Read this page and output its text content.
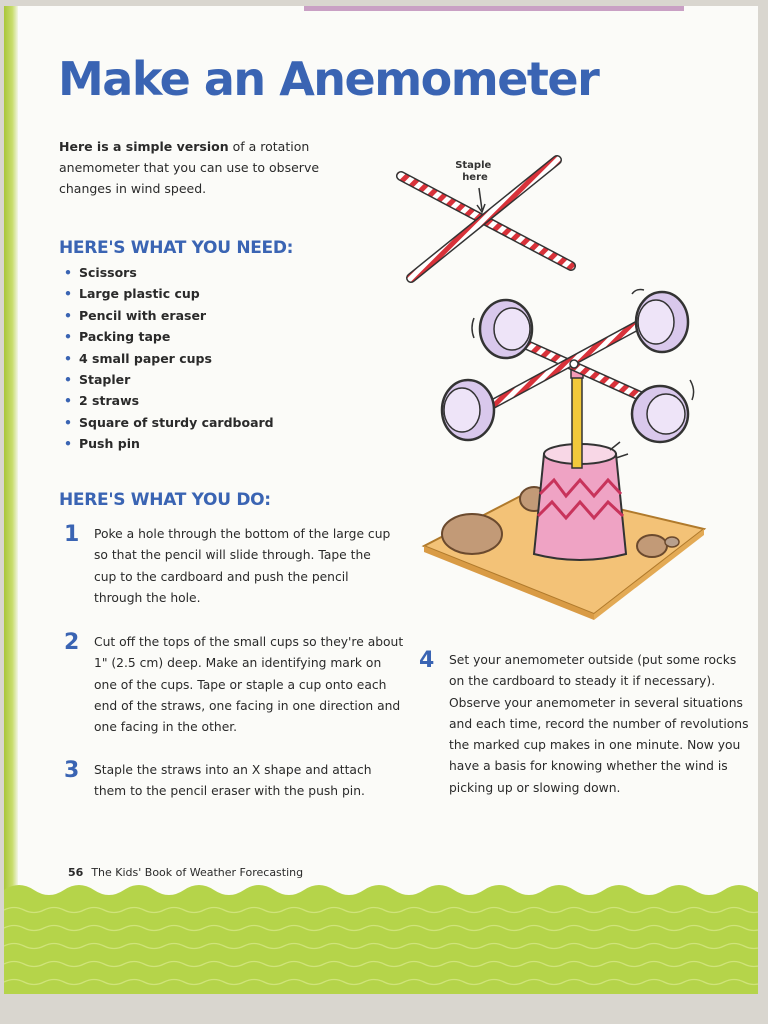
Make an Anemometer

Here is a simple version of a rotation anemometer that you can use to observe changes in wind speed.

HERE'S WHAT YOU NEED:
• Scissors
• Large plastic cup
• Pencil with eraser
• Packing tape
• 4 small paper cups
• Stapler
• 2 straws
• Square of sturdy cardboard
• Push pin
HERE'S WHAT YOU DO:
1 Poke a hole through the bottom of the large cup so that the pencil will slide through. Tape the cup to the cardboard and push the pencil through the hole.

2 Cut off the tops of the small cups so they're about 1" (2.5 cm) deep. Make an identifying mark on one of the cups. Tape or staple a cup onto each end of the straws, one facing in one direction and one facing in the other.

3 Staple the straws into an X shape and attach them to the pencil eraser with the push pin.

4 Set your anemometer outside (put some rocks on the cardboard to steady it if necessary). Observe your anemometer in several situations and each time, record the number of revolutions the marked cup makes in one minute. Now you have a basis for knowing whether the wind is picking up or slowing down.

Staple here
56 The Kids' Book of Weather Forecasting
